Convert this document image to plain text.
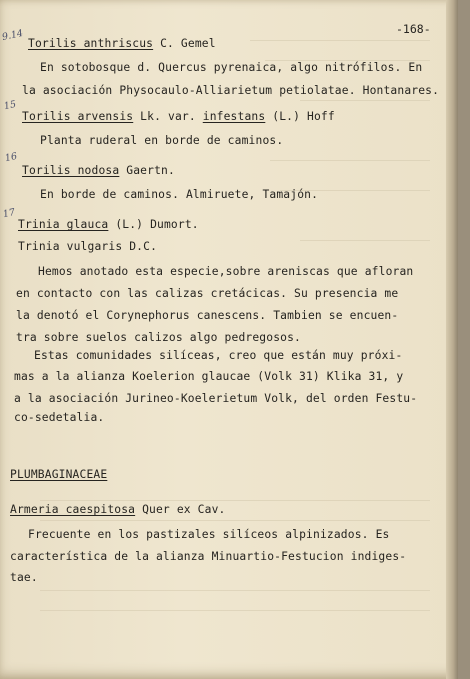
-168-
9.14
15
16
17
Torilis anthriscus C. Gemel
En sotobosque d. Quercus pyrenaica, algo nitrófilos. En
la asociación Physocaulo-Alliarietum petiolatae. Hontanares.
Torilis arvensis Lk. var. infestans (L.) Hoff
Planta ruderal en borde de caminos.
Torilis nodosa Gaertn.
En borde de caminos. Almiruete, Tamajón.
Trinia glauca (L.) Dumort.
Trinia vulgaris D.C.
Hemos anotado esta especie,sobre areniscas que afloran
en contacto con las calizas cretácicas. Su presencia me
la denotó el Corynephorus canescens. Tambien se encuen-
tra sobre suelos calizos algo pedregosos.
Estas comunidades silíceas, creo que están muy próxi-
mas a la alianza Koelerion glaucae (Volk 31) Klika 31, y
a la asociación Jurineo-Koelerietum Volk, del orden Festu-
co-sedetalia.
PLUMBAGINACEAE
Armeria caespitosa Quer ex Cav.
Frecuente en los pastizales silíceos alpinizados. Es
característica de la alianza Minuartio-Festucion indiges-
tae.
